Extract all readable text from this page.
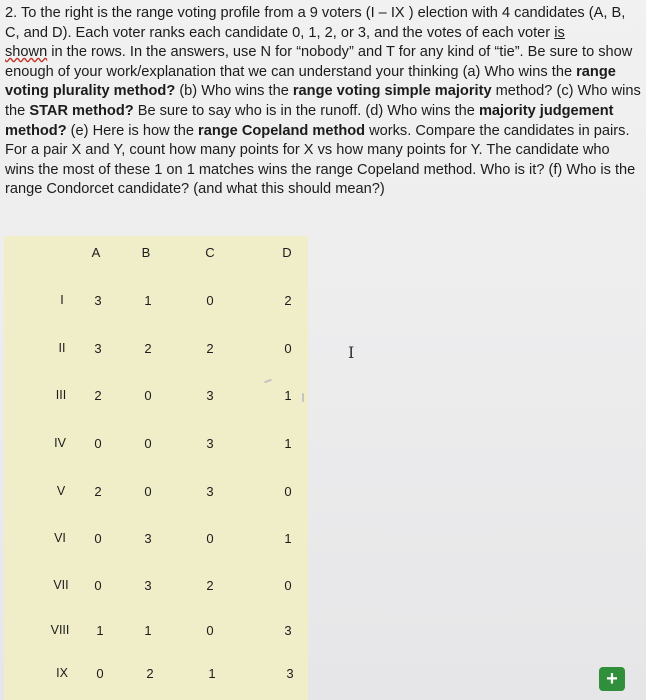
2. To the right is the range voting profile from a 9 voters (I – IX ) election with 4 candidates (A, B, C, and D). Each voter ranks each candidate 0, 1, 2, or 3, and the votes of each voter is
shown in the rows. In the answers, use N for “nobody” and T for any kind of “tie”. Be sure to show enough of your work/explanation that we can understand your thinking (a) Who wins the range voting plurality method? (b) Who wins the range voting simple majority method? (c) Who wins the STAR method? Be sure to say who is in the runoff. (d) Who wins the majority judgement method? (e) Here is how the range Copeland method works. Compare the candidates in pairs. For a pair X and Y, count how many points for X vs how many points for Y. The candidate who wins the most of these 1 on 1 matches wins the range Copeland method. Who is it? (f) Who is the range Condorcet candidate? (and what this should mean?)

A	B	C	D
I	3	1	0	2
II	3	2	2	0
III	2	0	3	1
IV	0	0	3	1
V	2	0	3	0
VI	0	3	0	1
VII	0	3	2	0
VIII	1	1	0	3
IX	0	2	1	3
I
+
